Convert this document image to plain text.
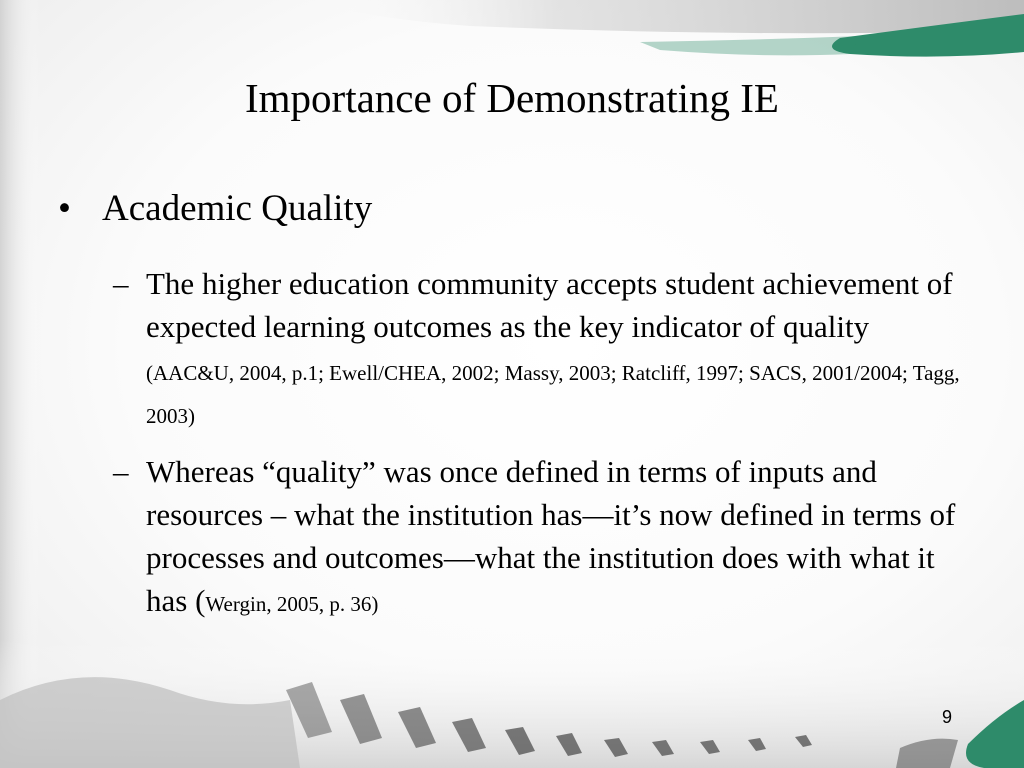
Importance of Demonstrating IE
• Academic Quality
– The higher education community accepts student achievement of expected learning outcomes as the key indicator of quality (AAC&U, 2004, p.1; Ewell/CHEA, 2002; Massy, 2003; Ratcliff, 1997; SACS, 2001/2004; Tagg, 2003)
– Whereas “quality” was once defined in terms of inputs and resources – what the institution has—it’s now defined in terms of processes and outcomes—what the institution does with what it has (Wergin, 2005, p. 36)
9
